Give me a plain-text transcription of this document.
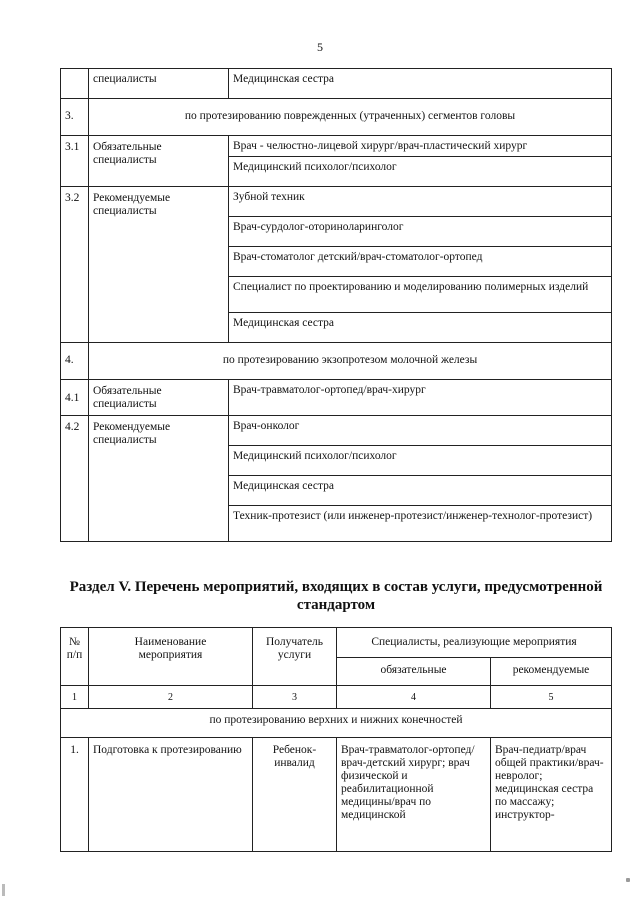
5
	специалисты	Медицинская сестра
3.	по протезированию поврежденных (утраченных) сегментов головы	
3.1	Обязательные специалисты	Врач - челюстно-лицевой хирург/врач-пластический хирург
		Медицинский психолог/психолог
3.2	Рекомендуемые специалисты	Зубной техник
		Врач-сурдолог-оториноларинголог
		Врач-стоматолог детский/врач-стоматолог-ортопед
		Специалист по проектированию и моделированию полимерных изделий
		Медицинская сестра
4.	по протезированию экзопротезом молочной железы	
4.1	Обязательные специалисты	Врач-травматолог-ортопед/врач-хирург
4.2	Рекомендуемые специалисты	Врач-онколог
		Медицинский психолог/психолог
		Медицинская сестра
		Техник-протезист (или инженер-протезист/инженер-технолог-протезист)
Раздел V. Перечень мероприятий, входящих в состав услуги, предусмотренной стандартом
№ п/п	Наименование мероприятия	Получатель услуги	Специалисты, реализующие мероприятия	
			обязательные	рекомендуемые
1	2	3	4	5
по протезированию верхних и нижних конечностей				
1.	Подготовка к протезированию	Ребенок-инвалид	Врач-травматолог-ортопед/врач-детский хирург; врач физической и реабилитационной медицины/врач по медицинской	Врач-педиатр/врач общей практики/врач-невролог; медицинская сестра по массажу; инструктор-
